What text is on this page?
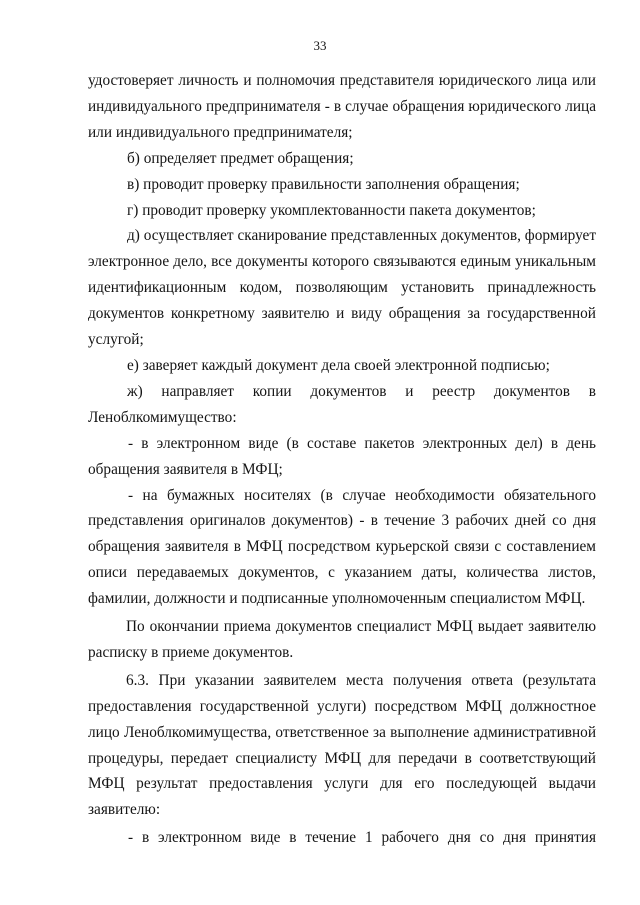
33

удостоверяет личность и полномочия представителя юридического лица или индивидуального предпринимателя - в случае обращения юридического лица или индивидуального предпринимателя;

б) определяет предмет обращения;

в) проводит проверку правильности заполнения обращения;

г) проводит проверку укомплектованности пакета документов;

д) осуществляет сканирование представленных документов, формирует электронное дело, все документы которого связываются единым уникальным идентификационным кодом, позволяющим установить принадлежность документов конкретному заявителю и виду обращения за государственной услугой;

е) заверяет каждый документ дела своей электронной подписью;

ж) направляет копии документов и реестр документов в Леноблкомимущество:

- в электронном виде (в составе пакетов электронных дел) в день обращения заявителя в МФЦ;

- на бумажных носителях (в случае необходимости обязательного представления оригиналов документов) - в течение 3 рабочих дней со дня обращения заявителя в МФЦ посредством курьерской связи с составлением описи передаваемых документов, с указанием даты, количества листов, фамилии, должности и подписанные уполномоченным специалистом МФЦ.

По окончании приема документов специалист МФЦ выдает заявителю расписку в приеме документов.

6.3. При указании заявителем места получения ответа (результата предоставления государственной услуги) посредством МФЦ должностное лицо Леноблкомимущества, ответственное за выполнение административной процедуры, передает специалисту МФЦ для передачи в соответствующий МФЦ результат предоставления услуги для его последующей выдачи заявителю:

- в электронном виде в течение 1 рабочего дня со дня принятия
